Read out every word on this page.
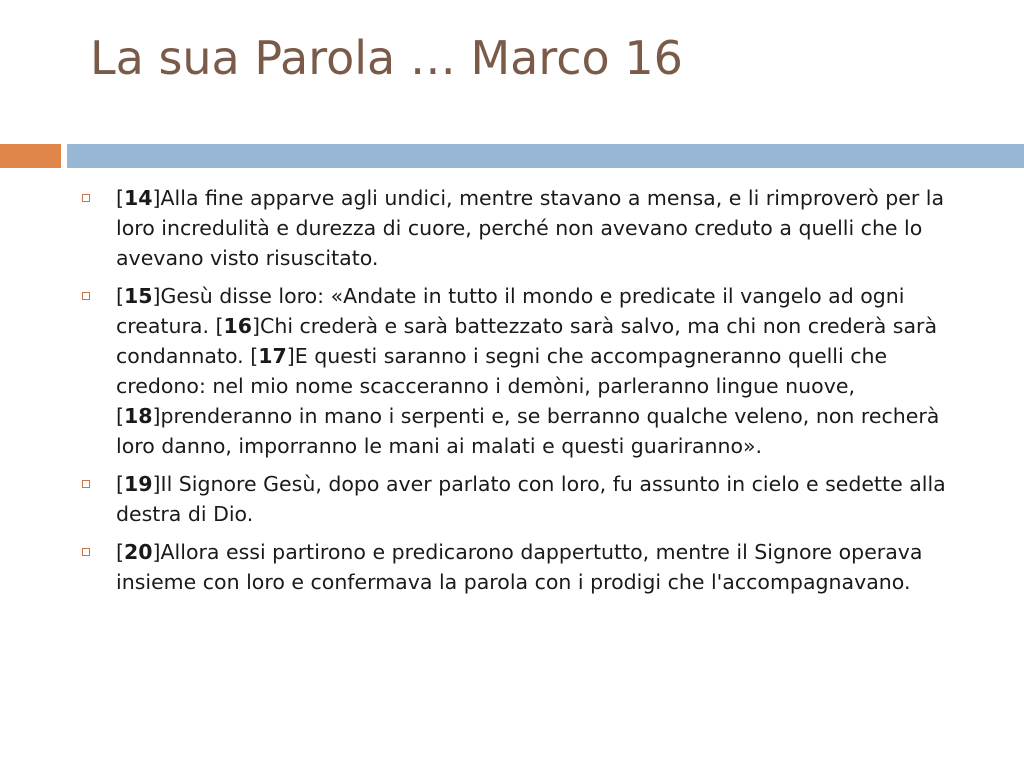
La sua Parola … Marco 16
[14]Alla fine apparve agli undici, mentre stavano a mensa, e li rimproverò per la loro incredulità e durezza di cuore, perché non avevano creduto a quelli che lo avevano visto risuscitato.
[15]Gesù disse loro: «Andate in tutto il mondo e predicate il vangelo ad ogni creatura. [16]Chi crederà e sarà battezzato sarà salvo, ma chi non crederà sarà condannato. [17]E questi saranno i segni che accompagneranno quelli che credono: nel mio nome scacceranno i demòni, parleranno lingue nuove, [18]prenderanno in mano i serpenti e, se berranno qualche veleno, non recherà loro danno, imporranno le mani ai malati e questi guariranno».
[19]Il Signore Gesù, dopo aver parlato con loro, fu assunto in cielo e sedette alla destra di Dio.
[20]Allora essi partirono e predicarono dappertutto, mentre il Signore operava insieme con loro e confermava la parola con i prodigi che l'accompagnavano.
